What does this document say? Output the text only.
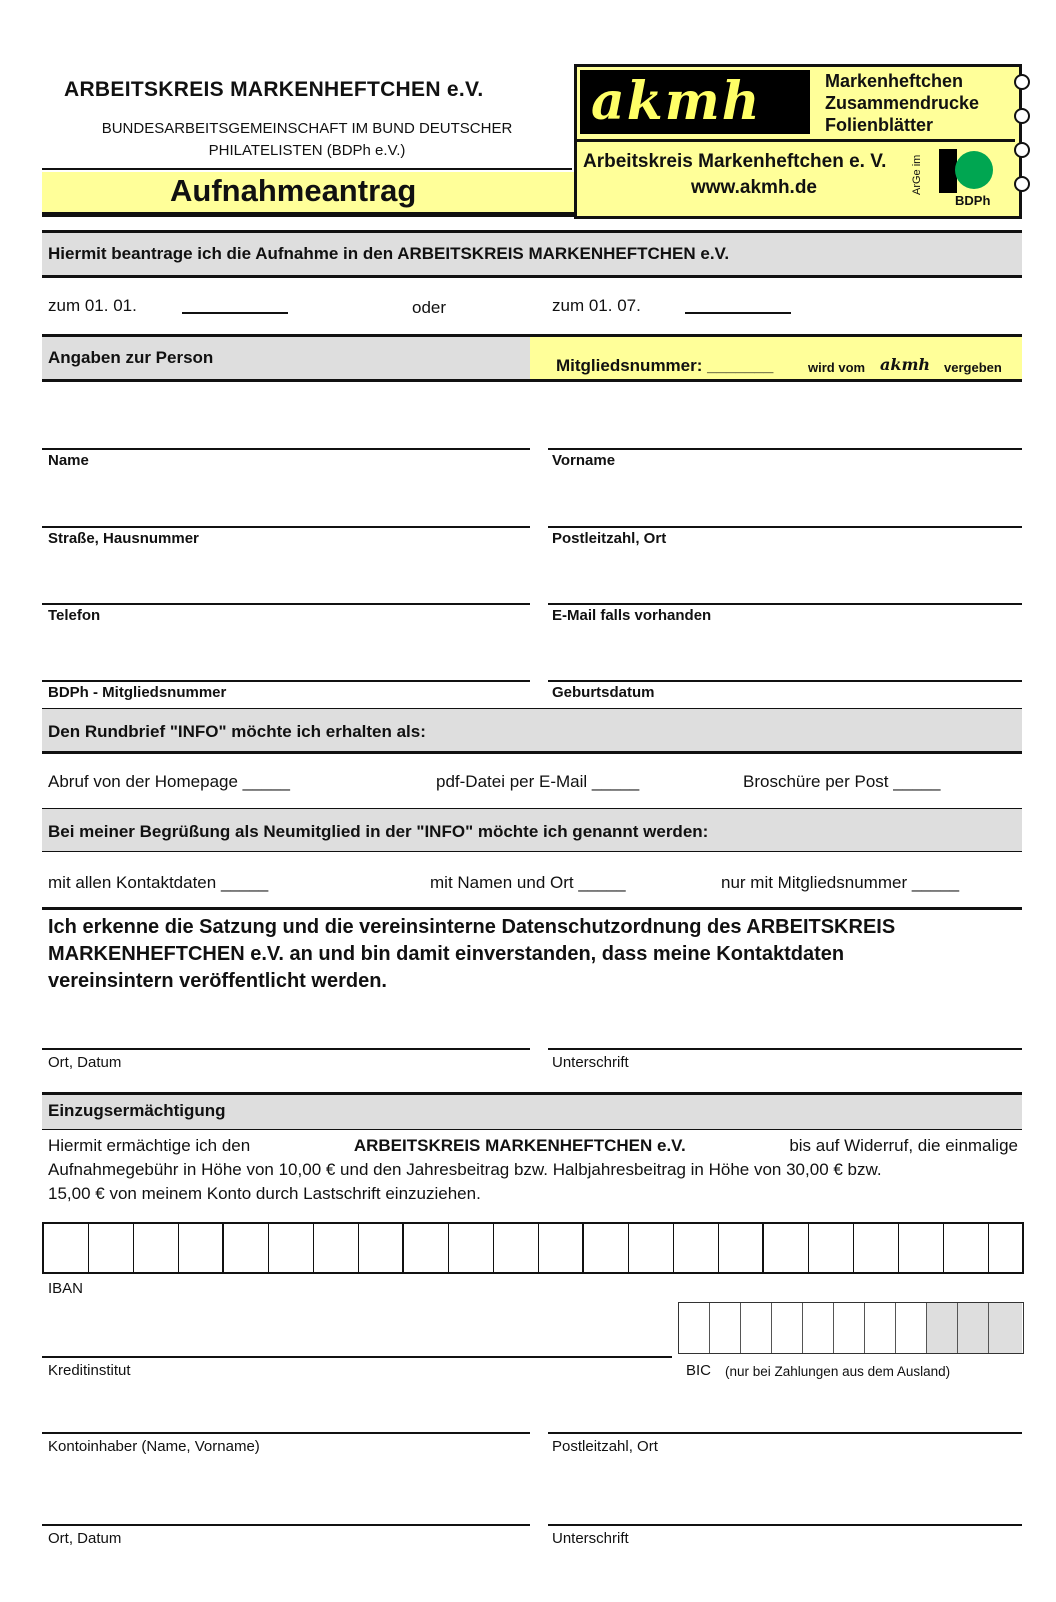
ARBEITSKREIS MARKENHEFTCHEN e.V.
BUNDESARBEITSGEMEINSCHAFT IM BUND DEUTSCHER
PHILATELISTEN (BDPh e.V.)
Aufnahmeantrag
akmh	Markenheftchen
Zusammendrucke
Folienblätter
Arbeitskreis Markenheftchen e. V.
www.akmh.de	ArGe im
BDPh
Hiermit beantrage ich die Aufnahme in den ARBEITSKREIS MARKENHEFTCHEN e.V.
zum 01. 01.	oder	zum 01. 07.
Angaben zur Person	Mitgliedsnummer: _______	wird vom akmh vergeben
Name	Vorname
Straße, Hausnummer	Postleitzahl, Ort
Telefon	E-Mail falls vorhanden
BDPh - Mitgliedsnummer	Geburtsdatum
Den Rundbrief "INFO" möchte ich erhalten als:
Abruf von der Homepage _____	pdf-Datei per E-Mail _____	Broschüre per Post _____
Bei meiner Begrüßung als Neumitglied in der "INFO" möchte ich genannt werden:
mit allen Kontaktdaten _____	mit Namen und Ort _____	nur mit Mitgliedsnummer _____
Ich erkenne die Satzung und die vereinsinterne Datenschutzordnung des ARBEITSKREIS
MARKENHEFTCHEN e.V. an und bin damit einverstanden, dass meine Kontaktdaten
vereinsintern veröffentlicht werden.
Ort, Datum	Unterschrift
Einzugsermächtigung
Hiermit ermächtige ich den	ARBEITSKREIS MARKENHEFTCHEN e.V.	bis auf Widerruf, die einmalige
Aufnahmegebühr in Höhe von 10,00 € und den Jahresbeitrag bzw. Halbjahresbeitrag in Höhe von 30,00 € bzw.
15,00 € von meinem Konto durch Lastschrift einzuziehen.
IBAN
Kreditinstitut	BIC (nur bei Zahlungen aus dem Ausland)
Kontoinhaber (Name, Vorname)	Postleitzahl, Ort
Ort, Datum	Unterschrift
